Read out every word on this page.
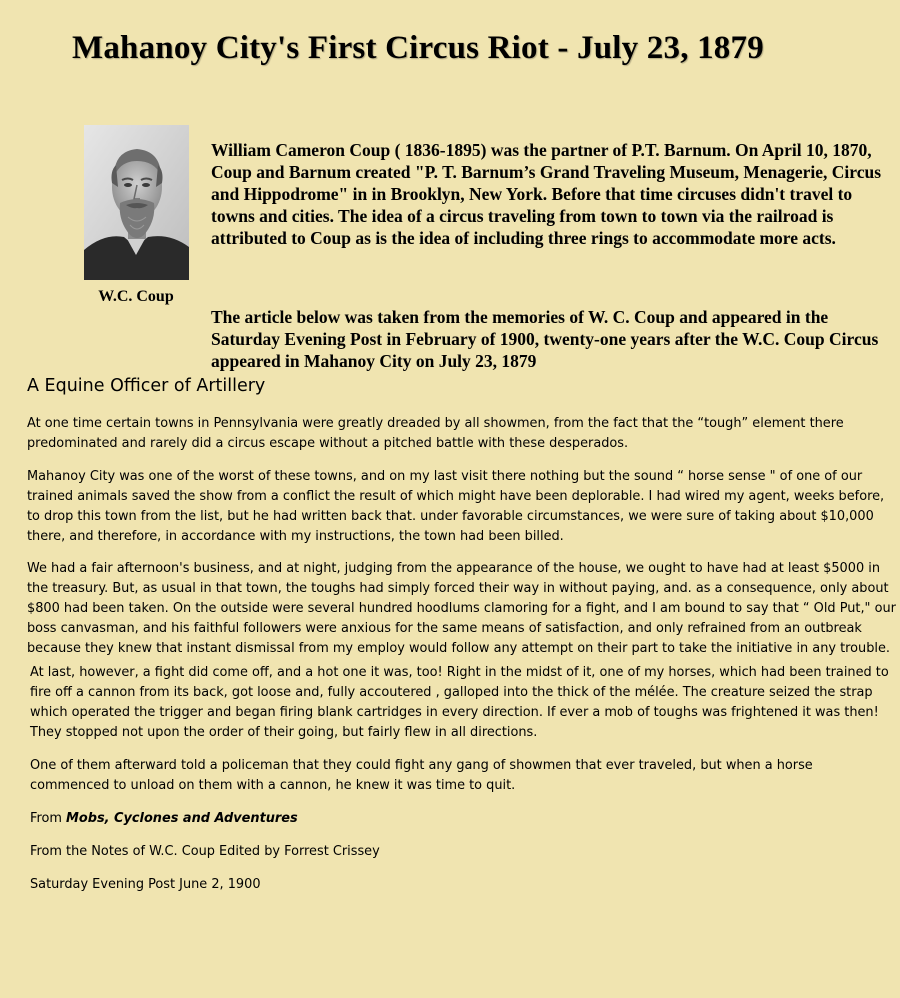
Mahanoy City's First Circus Riot - July 23, 1879
W.C. Coup

William Cameron Coup ( 1836-1895) was the partner of P.T. Barnum. On April 10, 1870, Coup and Barnum created "P. T. Barnum’s Grand Traveling Museum, Menagerie, Circus and Hippodrome" in in Brooklyn, New York. Before that time circuses didn't travel to towns and cities. The idea of a circus traveling from town to town via the railroad is attributed to Coup as is the idea of including three rings to accommodate more acts.

The article below was taken from the memories of W. C. Coup and appeared in the Saturday Evening Post in February of 1900, twenty-one years after the W.C. Coup Circus appeared in Mahanoy City on July 23, 1879

A Equine Officer of Artillery

At one time certain towns in Pennsylvania were greatly dreaded by all showmen, from the fact that the “tough” element there predominated and rarely did a circus escape without a pitched battle with these desperados.

Mahanoy City was one of the worst of these towns, and on my last visit there nothing but the sound “ horse sense " of one of our trained animals saved the show from a conflict the result of which might have been deplorable. I had wired my agent, weeks before, to drop this town from the list, but he had written back that. under favorable circumstances, we were sure of taking about $10,000 there, and therefore, in accordance with my instructions, the town had been billed.

We had a fair afternoon's business, and at night, judging from the appearance of the house, we ought to have had at least $5000 in the treasury. But, as usual in that town, the toughs had simply forced their way in without paying, and. as a consequence, only about $800 had been taken. On the outside were several hundred hoodlums clamoring for a fight, and I am bound to say that “ Old Put," our boss canvasman, and his faithful followers were anxious for the same means of satisfaction, and only refrained from an outbreak because they knew that instant dismissal from my employ would follow any attempt on their part to take the initiative in any trouble.

At last, however, a fight did come off, and a hot one it was, too! Right in the midst of it, one of my horses, which had been trained to fire off a cannon from its back, got loose and, fully accoutered , galloped into the thick of the mélée. The creature seized the strap which operated the trigger and began firing blank cartridges in every direction. If ever a mob of toughs was frightened it was then! They stopped not upon the order of their going, but fairly flew in all directions.

One of them afterward told a policeman that they could fight any gang of showmen that ever traveled, but when a horse commenced to unload on them with a cannon, he knew it was time to quit.

From Mobs, Cyclones and Adventures

From the Notes of W.C. Coup Edited by Forrest Crissey

Saturday Evening Post June 2, 1900
